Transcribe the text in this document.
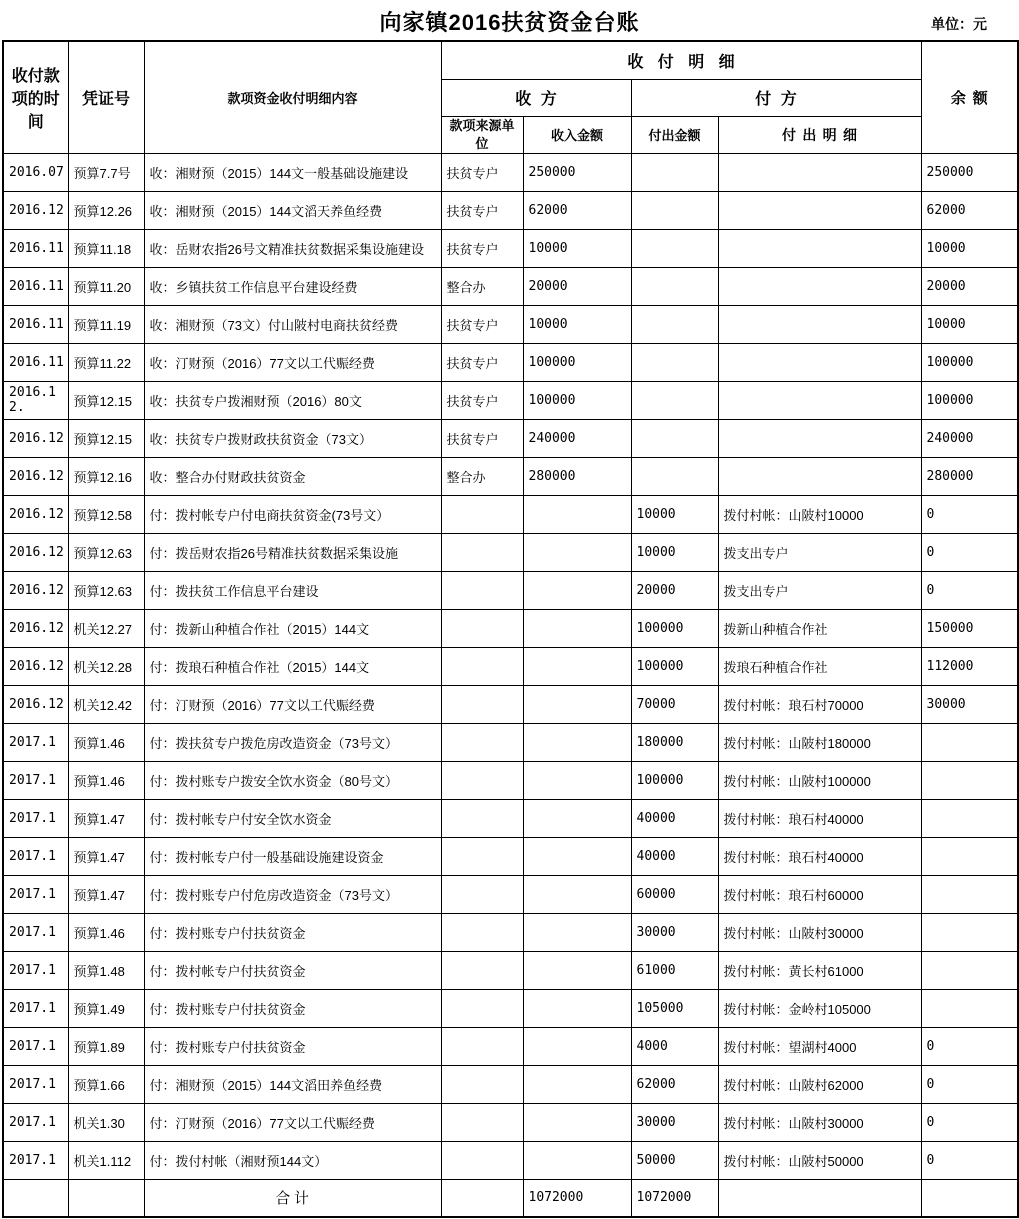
向家镇2016扶贫资金台账	单位：元
收付款项的时间	凭证号	款项资金收付明细内容	收付明细				余额
			收方		付方		
			款项来源单位	收入金额	付出金额	付出明细	
2016.07	预算7.7号	收：湘财预（2015）144文一般基础设施建设	扶贫专户	250000			250000
2016.12	预算12.26	收：湘财预（2015）144文滔天养鱼经费	扶贫专户	62000			62000
2016.11	预算11.18	收：岳财农指26号文精准扶贫数据采集设施建设	扶贫专户	10000			10000
2016.11	预算11.20	收：乡镇扶贫工作信息平台建设经费	整合办	20000			20000
2016.11	预算11.19	收：湘财预（73文）付山陂村电商扶贫经费	扶贫专户	10000			10000
2016.11	预算11.22	收：汀财预（2016）77文以工代赈经费	扶贫专户	100000			100000
2016.12.	预算12.15	收：扶贫专户拨湘财预（2016）80文	扶贫专户	100000			100000
2016.12	预算12.15	收：扶贫专户拨财政扶贫资金（73文）	扶贫专户	240000			240000
2016.12	预算12.16	收：整合办付财政扶贫资金	整合办	280000			280000
2016.12	预算12.58	付：拨村帐专户付电商扶贫资金(73号文）			10000	拨付村帐：山陂村10000	0
2016.12	预算12.63	付：拨岳财农指26号精准扶贫数据采集设施			10000	拨支出专户	0
2016.12	预算12.63	付：拨扶贫工作信息平台建设			20000	拨支出专户	0
2016.12	机关12.27	付：拨新山种植合作社（2015）144文			100000	拨新山种植合作社	150000
2016.12	机关12.28	付：拨琅石种植合作社（2015）144文			100000	拨琅石种植合作社	112000
2016.12	机关12.42	付：汀财预（2016）77文以工代赈经费			70000	拨付村帐：琅石村70000	30000
2017.1	预算1.46	付：拨扶贫专户拨危房改造资金（73号文）			180000	拨付村帐：山陂村180000	
2017.1	预算1.46	付：拨村账专户拨安全饮水资金（80号文）			100000	拨付村帐：山陂村100000	
2017.1	预算1.47	付：拨村帐专户付安全饮水资金			40000	拨付村帐：琅石村40000	
2017.1	预算1.47	付：拨村帐专户付一般基础设施建设资金			40000	拨付村帐：琅石村40000	
2017.1	预算1.47	付：拨村账专户付危房改造资金（73号文）			60000	拨付村帐：琅石村60000	
2017.1	预算1.46	付：拨村账专户付扶贫资金			30000	拨付村帐：山陂村30000	
2017.1	预算1.48	付：拨村帐专户付扶贫资金			61000	拨付村帐：黄长村61000	
2017.1	预算1.49	付：拨村账专户付扶贫资金			105000	拨付村帐：金岭村105000	
2017.1	预算1.89	付：拨村账专户付扶贫资金			4000	拨付村帐：望湖村4000	0
2017.1	预算1.66	付：湘财预（2015）144文滔田养鱼经费			62000	拨付村帐：山陂村62000	0
2017.1	机关1.30	付：汀财预（2016）77文以工代赈经费			30000	拨付村帐：山陂村30000	0
2017.1	机关1.112	付：拨付村帐（湘财预144文）			50000	拨付村帐：山陂村50000	0
		合计		1072000	1072000		
